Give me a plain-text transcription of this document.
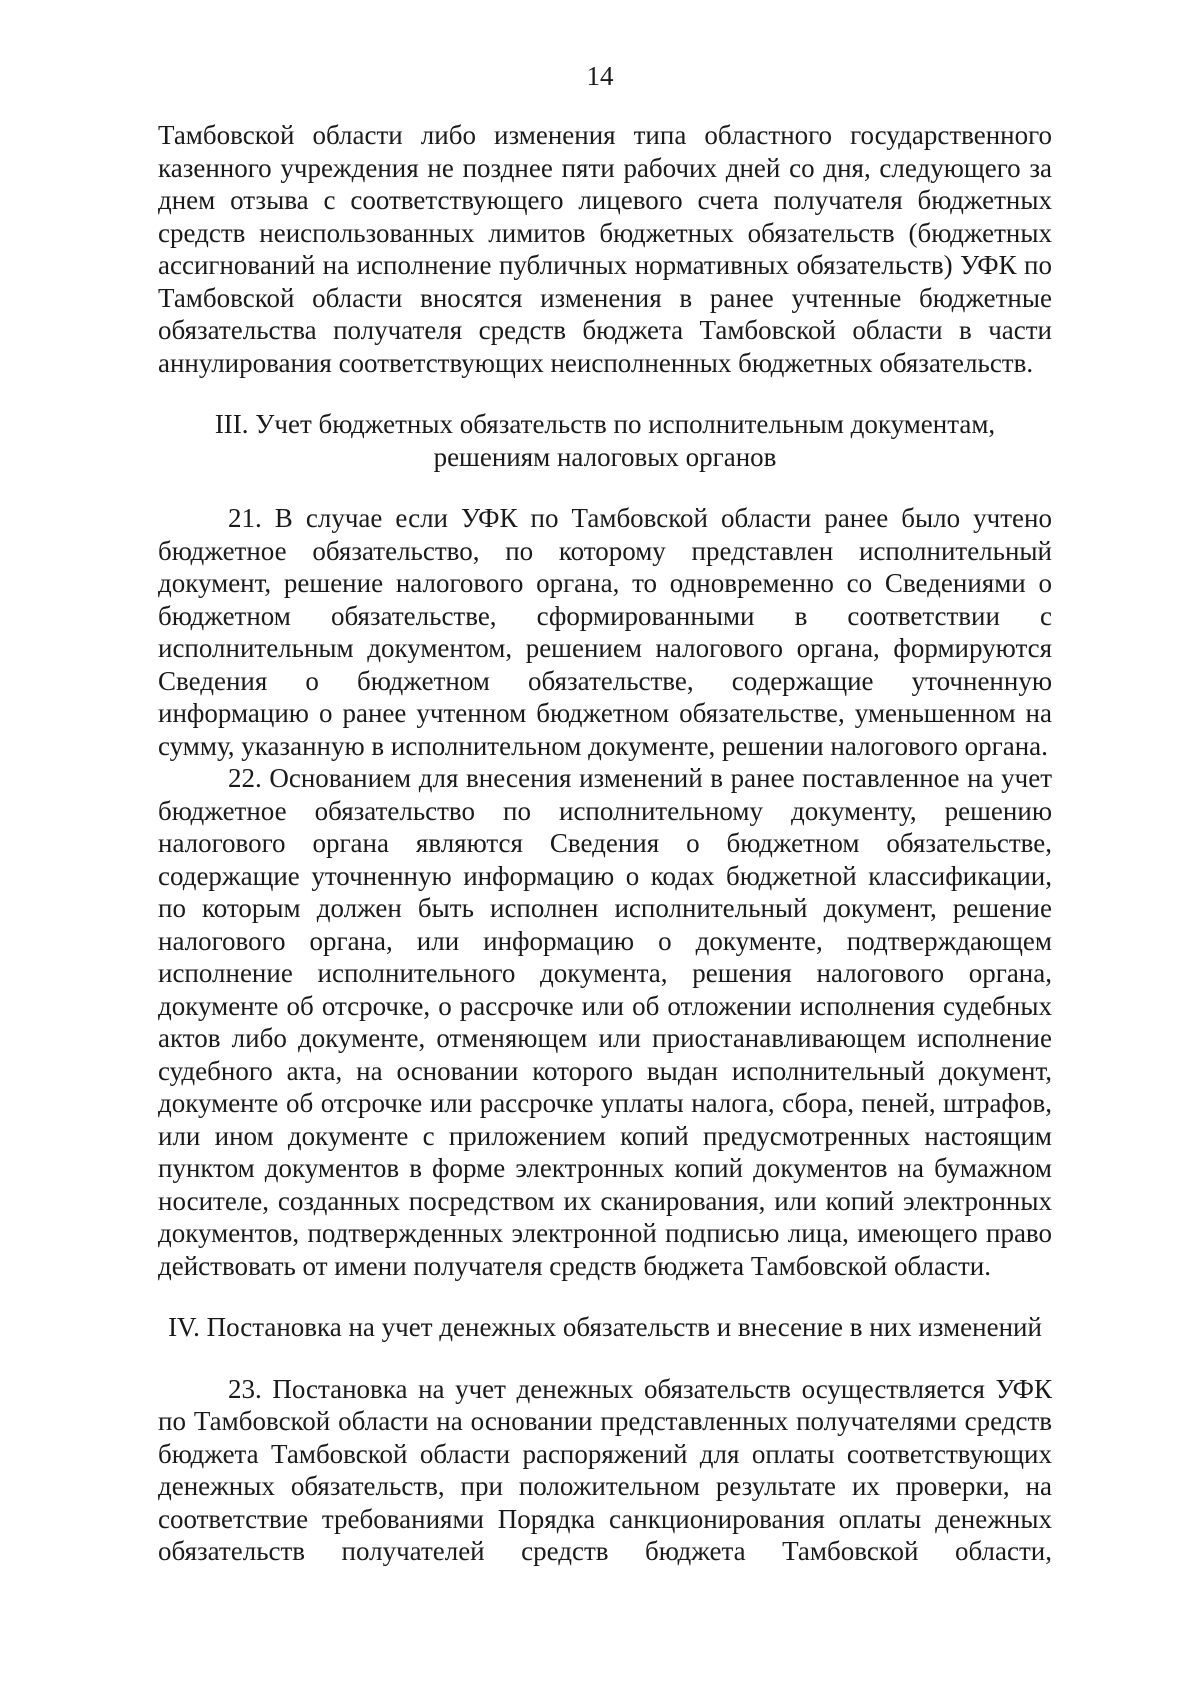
14

Тамбовской области либо изменения типа областного государственного казенного учреждения не позднее пяти рабочих дней со дня, следующего за днем отзыва с соответствующего лицевого счета получателя бюджетных средств неиспользованных лимитов бюджетных обязательств (бюджетных ассигнований на исполнение публичных нормативных обязательств) УФК по Тамбовской области вносятся изменения в ранее учтенные бюджетные обязательства получателя средств бюджета Тамбовской области в части аннулирования соответствующих неисполненных бюджетных обязательств.

III. Учет бюджетных обязательств по исполнительным документам,
решениям налоговых органов

21. В случае если УФК по Тамбовской области ранее было учтено бюджетное обязательство, по которому представлен исполнительный документ, решение налогового органа, то одновременно со Сведениями о бюджетном обязательстве, сформированными в соответствии с исполнительным документом, решением налогового органа, формируются Сведения о бюджетном обязательстве, содержащие уточненную информацию о ранее учтенном бюджетном обязательстве, уменьшенном на сумму, указанную в исполнительном документе, решении налогового органа.

22. Основанием для внесения изменений в ранее поставленное на учет бюджетное обязательство по исполнительному документу, решению налогового органа являются Сведения о бюджетном обязательстве, содержащие уточненную информацию о кодах бюджетной классификации, по которым должен быть исполнен исполнительный документ, решение налогового органа, или информацию о документе, подтверждающем исполнение исполнительного документа, решения налогового органа, документе об отсрочке, о рассрочке или об отложении исполнения судебных актов либо документе, отменяющем или приостанавливающем исполнение судебного акта, на основании которого выдан исполнительный документ, документе об отсрочке или рассрочке уплаты налога, сбора, пеней, штрафов, или ином документе с приложением копий предусмотренных настоящим пунктом документов в форме электронных копий документов на бумажном носителе, созданных посредством их сканирования, или копий электронных документов, подтвержденных электронной подписью лица, имеющего право действовать от имени получателя средств бюджета Тамбовской области.

IV. Постановка на учет денежных обязательств и внесение в них изменений

23. Постановка на учет денежных обязательств осуществляется УФК по Тамбовской области на основании представленных получателями средств бюджета Тамбовской области распоряжений для оплаты соответствующих денежных обязательств, при положительном результате их проверки, на соответствие требованиями Порядка санкционирования оплаты денежных обязательств получателей средств бюджета Тамбовской области,
